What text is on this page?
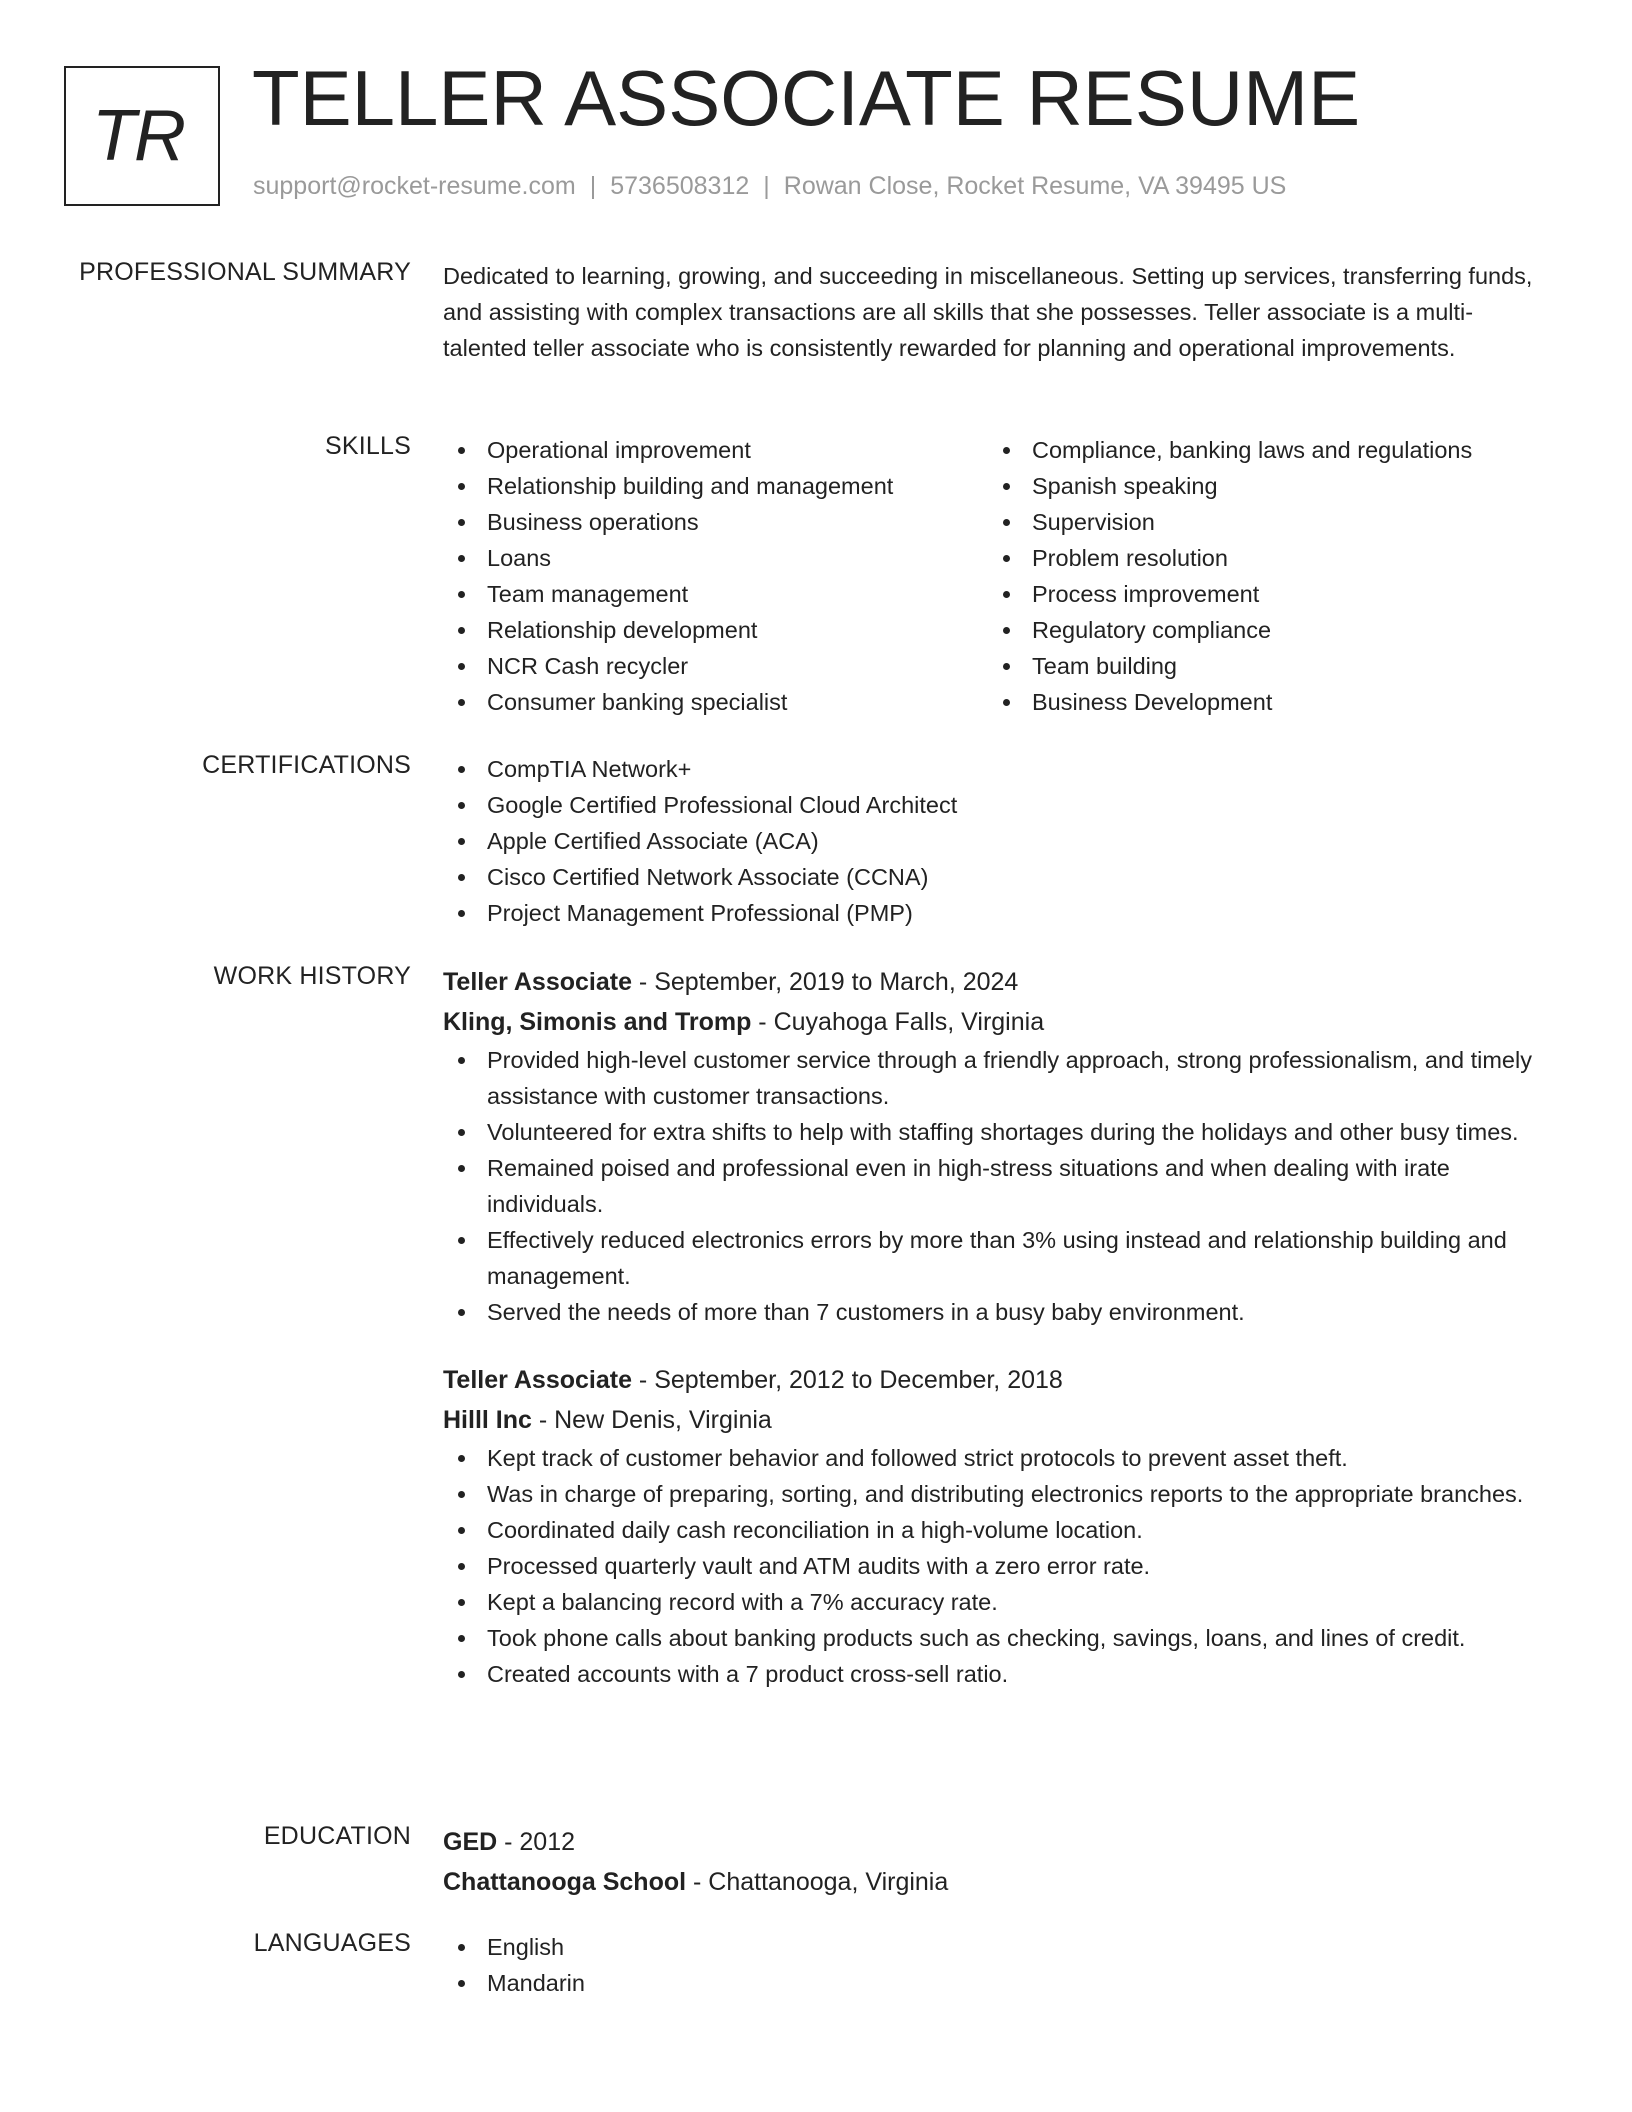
TR TELLER ASSOCIATE RESUME
support@rocket-resume.com | 5736508312 | Rowan Close, Rocket Resume, VA 39495 US
PROFESSIONAL SUMMARY Dedicated to learning, growing, and succeeding in miscellaneous. Setting up services, transferring funds, and assisting with complex transactions are all skills that she possesses. Teller associate is a multi-talented teller associate who is consistently rewarded for planning and operational improvements.

SKILLS	Operational improvement
Relationship building and management
Business operations
Loans
Team management
Relationship development
NCR Cash recycler
Consumer banking specialist
Compliance, banking laws and regulations
Spanish speaking
Supervision
Problem resolution
Process improvement
Regulatory compliance
Team building
Business Development
CERTIFICATIONS	CompTIA Network+
Google Certified Professional Cloud Architect
Apple Certified Associate (ACA)
Cisco Certified Network Associate (CCNA)
Project Management Professional (PMP)
WORK HISTORY Teller Associate - September, 2019 to March, 2024
Kling, Simonis and Tromp - Cuyahoga Falls, Virginia
Provided high-level customer service through a friendly approach, strong professionalism, and timely assistance with customer transactions.
Volunteered for extra shifts to help with staffing shortages during the holidays and other busy times.
Remained poised and professional even in high-stress situations and when dealing with irate individuals.
Effectively reduced electronics errors by more than 3% using instead and relationship building and management.
Served the needs of more than 7 customers in a busy baby environment.
Teller Associate - September, 2012 to December, 2018
Hilll Inc - New Denis, Virginia
Kept track of customer behavior and followed strict protocols to prevent asset theft.
Was in charge of preparing, sorting, and distributing electronics reports to the appropriate branches.
Coordinated daily cash reconciliation in a high-volume location.
Processed quarterly vault and ATM audits with a zero error rate.
Kept a balancing record with a 7% accuracy rate.
Took phone calls about banking products such as checking, savings, loans, and lines of credit.
Created accounts with a 7 product cross-sell ratio.
EDUCATION GED - 2012
Chattanooga School - Chattanooga, Virginia
LANGUAGES	English
Mandarin
